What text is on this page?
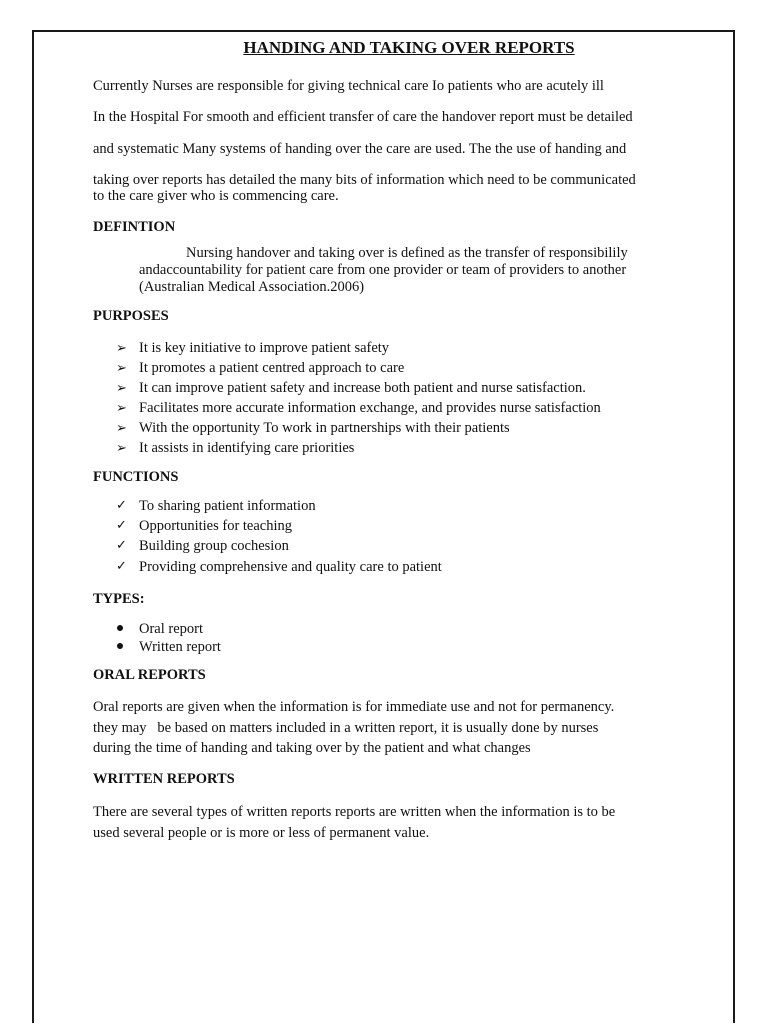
HANDING AND TAKING OVER REPORTS

Currently Nurses are responsible for giving technical care Io patients who are acutely ill

In the Hospital For smooth and efficient transfer of care the handover report must be detailed

and systematic Many systems of handing over the care are used. The the use of handing and

taking over reports has detailed the many bits of information which need to be communicated

to the care giver who is commencing care.

DEFINTION

Nursing handover and taking over is defined as the transfer of responsibilily

andaccountability for patient care from one provider or team of providers to another

(Australian Medical Association.2006)

PURPOSES
➢ It is key initiative to improve patient safety

➢ It promotes a patient centred approach to care

➢ It can improve patient safety and increase both patient and nurse satisfaction.

➢ Facilitates more accurate information exchange, and provides nurse satisfaction

➢ With the opportunity To work in partnerships with their patients

➢ It assists in identifying care priorities

FUNCTIONS
✓ To sharing patient information

✓ Opportunities for teaching

✓ Building group cochesion

✓ Providing comprehensive and quality care to patient

TYPES:

Oral report

Written report

ORAL REPORTS

Oral reports are given when the information is for immediate use and not for permanency.

they may   be based on matters included in a written report, it is usually done by nurses

during the time of handing and taking over by the patient and what changes

WRITTEN REPORTS

There are several types of written reports reports are written when the information is to be

used several people or is more or less of permanent value.
